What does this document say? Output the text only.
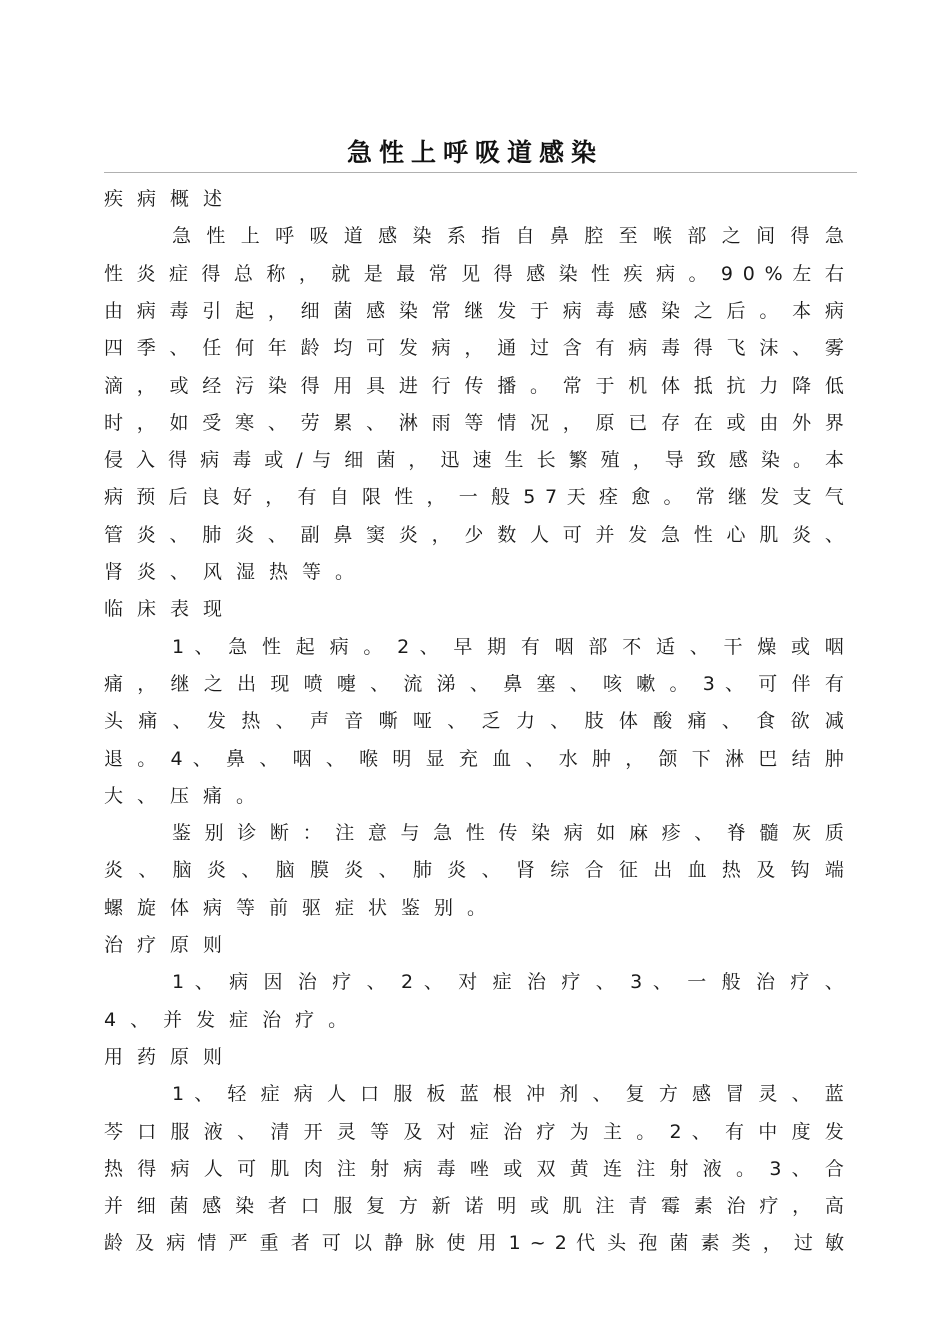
急性上呼吸道感染
疾病概述
急 性 上 呼 吸 道 感 染 系 指 自 鼻 腔 至 喉 部 之 间 得 急
性 炎 症 得 总 称 ， 就 是 最 常 见 得 感 染 性 疾 病 。 9 0 % 左 右
由 病 毒 引 起 ， 细 菌 感 染 常 继 发 于 病 毒 感 染 之 后 。 本 病
四 季 、 任 何 年 龄 均 可 发 病 ， 通 过 含 有 病 毒 得 飞 沫 、 雾
滴 ， 或 经 污 染 得 用 具 进 行 传 播 。 常 于 机 体 抵 抗 力 降 低
时 ， 如 受 寒 、 劳 累 、 淋 雨 等 情 况 ， 原 已 存 在 或 由 外 界
侵 入 得 病 毒 或 / 与 细 菌 ， 迅 速 生 长 繁 殖 ， 导 致 感 染 。 本
病 预 后 良 好 ， 有 自 限 性 ， 一 般 5 7 天 痊 愈 。 常 继 发 支 气
管 炎 、 肺 炎 、 副 鼻 窦 炎 ， 少 数 人 可 并 发 急 性 心 肌 炎 、
肾炎、风湿热等。
临床表现
1 、 急 性 起 病 。 2 、 早 期 有 咽 部 不 适 、 干 燥 或 咽
痛 ， 继 之 出 现 喷 嚏 、 流 涕 、 鼻 塞 、 咳 嗽 。 3 、 可 伴 有
头 痛 、 发 热 、 声 音 嘶 哑 、 乏 力 、 肢 体 酸 痛 、 食 欲 减
退 。 4 、 鼻 、 咽 、 喉 明 显 充 血 、 水 肿 ， 颌 下 淋 巴 结 肿
大、压痛。
鉴 别 诊 断 ： 注 意 与 急 性 传 染 病 如 麻 疹 、 脊 髓 灰 质
炎 、 脑 炎 、 脑 膜 炎 、 肺 炎 、 肾 综 合 征 出 血 热 及 钩 端
螺旋体病等前驱症状鉴别。
治疗原则
1 、 病 因 治 疗 、 2 、 对 症 治 疗 、 3 、 一 般 治 疗 、
4、并发症治疗。
用药原则
1 、 轻 症 病 人 口 服 板 蓝 根 冲 剂 、 复 方 感 冒 灵 、 蓝
芩 口 服 液 、 清 开 灵 等 及 对 症 治 疗 为 主 。 2 、 有 中 度 发
热 得 病 人 可 肌 肉 注 射 病 毒 唑 或 双 黄 连 注 射 液 。 3 、 合
并 细 菌 感 染 者 口 服 复 方 新 诺 明 或 肌 注 青 霉 素 治 疗 ， 高
龄 及 病 情 严 重 者 可 以 静 脉 使 用 1 ~ 2 代 头 孢 菌 素 类 ， 过 敏
